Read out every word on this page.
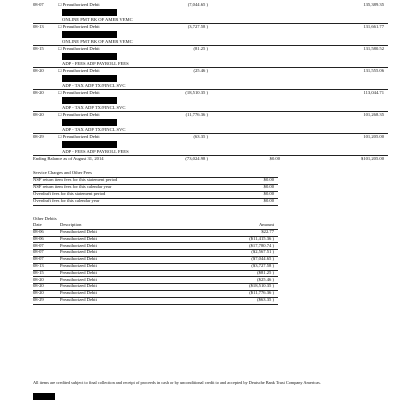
08-07	☐ Preauthorized Debit	(7,044.65 )	135,389.35
ONLINE PMT BK OF AMER VEMC
08-13	☐ Preauthorized Debit	(3,727.58 )	131,661.77
ONLINE PMT BK OF AMER VEMC
08-15	☐ Preauthorized Debit	(81.25 )	131,580.52
ADP - FEES ADP PAYROLL FEES
08-20	☐ Preauthorized Debit	(25.46 )	131,555.06
ADP - TAX ADP TX/FINCL SVC
08-20	☐ Preauthorized Debit	(18,510.35 )	113,044.71
ADP - TAX ADP TX/FINCL SVC
08-20	☐ Preauthorized Debit	(11,776.36 )	101,268.35
ADP - TAX ADP TX/FINCL SVC
08-29	☐ Preauthorized Debit	(63.35 )	101,205.00
ADP - FEES ADP PAYROLL FEES
Ending Balance as of August 31, 2014	(73,024.98 )	$0.00	$101,205.00
Service Charges and Other Fees
NSF return item fees for this statement period	$0.00
NSF return item fees for this calendar year	$0.00
Overdraft fees for this statement period	$0.00
Overdraft fees for this calendar year	$0.00
Other Debits
Date	Description	Amount
08-06	Preauthorized Debit	$22.77
08-06	Preauthorized Debit	($11,415.36 )
08-07	Preauthorized Debit	($17,780.74 )
08-07	Preauthorized Debit	($2,567.51 )
08-07	Preauthorized Debit	($7,044.65 )
08-13	Preauthorized Debit	($3,727.58 )
08-15	Preauthorized Debit	($81.25 )
08-20	Preauthorized Debit	($25.46 )
08-20	Preauthorized Debit	($18,510.35 )
08-20	Preauthorized Debit	($11,776.36 )
08-29	Preauthorized Debit	($63.35 )
All items are credited subject to final collection and receipt of proceeds in cash or by unconditional credit to and accepted by Deutsche Bank Trust Company Americas.
